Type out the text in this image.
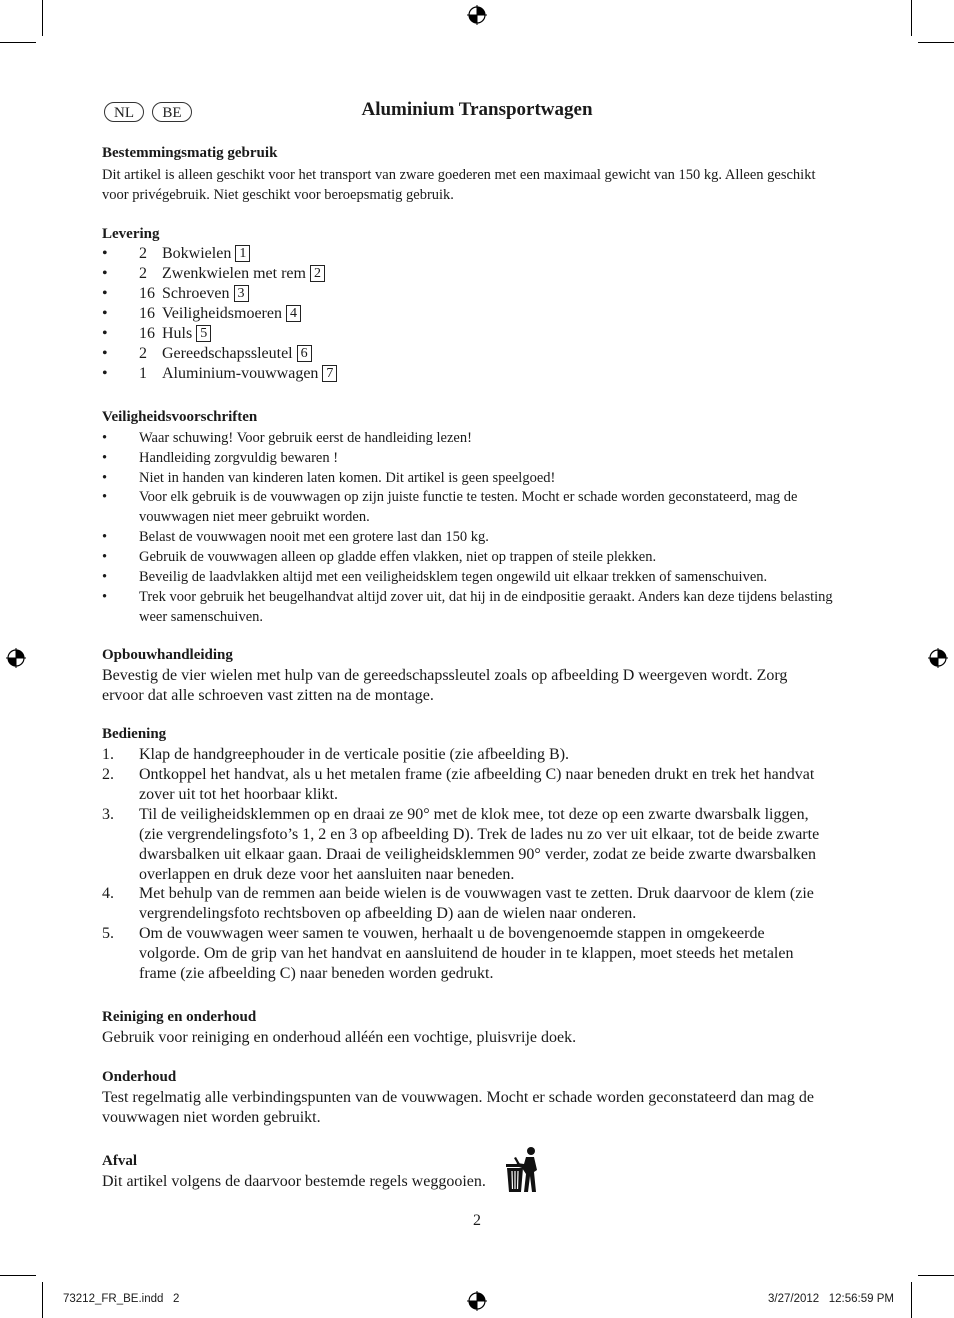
NL	BE	Aluminium Transportwagen
Bestemmingsmatig gebruik
Dit artikel is alleen geschikt voor het transport van zware goederen met een maximaal gewicht van 150 kg. Alleen geschikt
voor privégebruik. Niet geschikt voor beroepsmatig gebruik.
Levering
• 2 Bokwielen 1
• 2 Zwenkwielen met rem 2
• 16 Schroeven 3
• 16 Veiligheidsmoeren 4
• 16 Huls 5
• 2 Gereedschapssleutel 6
• 1 Aluminium-vouwwagen 7
Veiligheidsvoorschriften
• Waar schuwing! Voor gebruik eerst de handleiding lezen!
• Handleiding zorgvuldig bewaren !
• Niet in handen van kinderen laten komen. Dit artikel is geen speelgoed!
• Voor elk gebruik is de vouwwagen op zijn juiste functie te testen. Mocht er schade worden geconstateerd, mag de
vouwwagen niet meer gebruikt worden.
• Belast de vouwwagen nooit met een grotere last dan 150 kg.
• Gebruik de vouwwagen alleen op gladde effen vlakken, niet op trappen of steile plekken.
• Beveilig de laadvlakken altijd met een veiligheidsklem tegen ongewild uit elkaar trekken of samenschuiven.
• Trek voor gebruik het beugelhandvat altijd zover uit, dat hij in de eindpositie geraakt. Anders kan deze tijdens belasting
weer samenschuiven.
Opbouwhandleiding
Bevestig de vier wielen met hulp van de gereedschapssleutel zoals op afbeelding D weergeven wordt. Zorg
ervoor dat alle schroeven vast zitten na de montage.
Bediening
1. Klap de handgreephouder in de verticale positie (zie afbeelding B).
2. Ontkoppel het handvat, als u het metalen frame (zie afbeelding C) naar beneden drukt en trek het handvat
zover uit tot het hoorbaar klikt.
3. Til de veiligheidsklemmen op en draai ze 90° met de klok mee, tot deze op een zwarte dwarsbalk liggen,
(zie vergrendelingsfoto’s 1, 2 en 3 op afbeelding D). Trek de lades nu zo ver uit elkaar, tot de beide zwarte
dwarsbalken uit elkaar gaan. Draai de veiligheidsklemmen 90° verder, zodat ze beide zwarte dwarsbalken
overlappen en druk deze voor het aansluiten naar beneden.
4. Met behulp van de remmen aan beide wielen is de vouwwagen vast te zetten. Druk daarvoor de klem (zie
vergrendelingsfoto rechtsboven op afbeelding D) aan de wielen naar onderen.
5. Om de vouwwagen weer samen te vouwen, herhaalt u de bovengenoemde stappen in omgekeerde
volgorde. Om de grip van het handvat en aansluitend de houder in te klappen, moet steeds het metalen
frame (zie afbeelding C) naar beneden worden gedrukt.
Reiniging en onderhoud
Gebruik voor reiniging en onderhoud alléén een vochtige, pluisvrije doek.
Onderhoud
Test regelmatig alle verbindingspunten van de vouwwagen. Mocht er schade worden geconstateerd dan mag de
vouwwagen niet worden gebruikt.
Afval
Dit artikel volgens de daarvoor bestemde regels weggooien.
2
73212_FR_BE.indd   2	3/27/2012   12:56:59 PM
